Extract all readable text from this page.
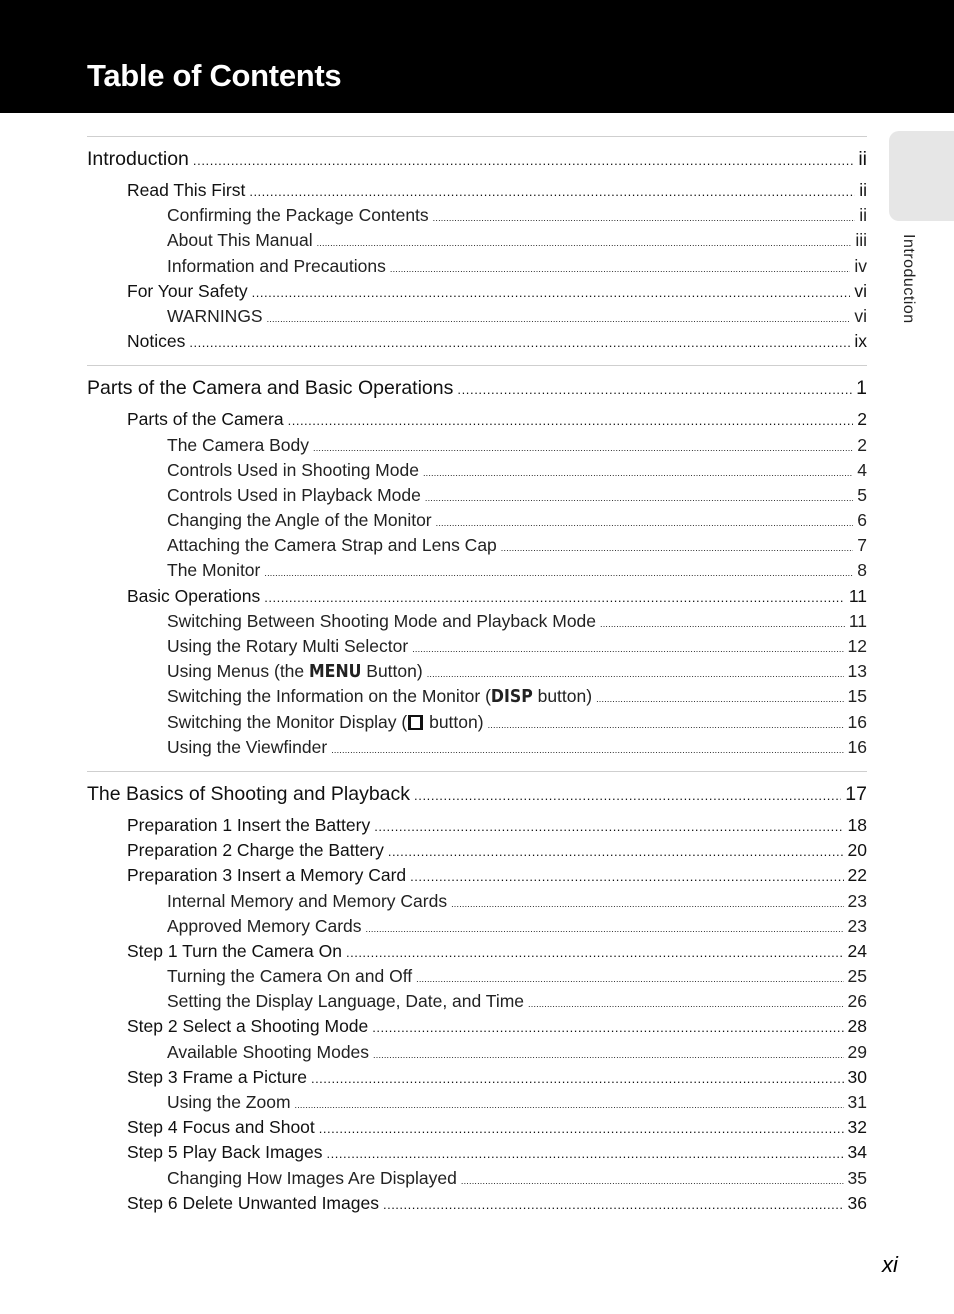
Table of Contents
Introduction
Introduction .....	ii
Read This First .....	ii
Confirming the Package Contents .....	ii
About This Manual .....	iii
Information and Precautions .....	iv
For Your Safety .....	vi
WARNINGS .....	vi
Notices .....	ix
Parts of the Camera and Basic Operations .....	1
Parts of the Camera .....	2
The Camera Body .....	2
Controls Used in Shooting Mode .....	4
Controls Used in Playback Mode .....	5
Changing the Angle of the Monitor .....	6
Attaching the Camera Strap and Lens Cap .....	7
The Monitor .....	8
Basic Operations .....	11
Switching Between Shooting Mode and Playback Mode .....	11
Using the Rotary Multi Selector .....	12
Using Menus (the MENU Button) .....	13
Switching the Information on the Monitor (DISP button) .....	15
Switching the Monitor Display ( button) .....	16
Using the Viewfinder .....	16
The Basics of Shooting and Playback .....	17
Preparation 1 Insert the Battery .....	18
Preparation 2 Charge the Battery .....	20
Preparation 3 Insert a Memory Card .....	22
Internal Memory and Memory Cards .....	23
Approved Memory Cards .....	23
Step 1 Turn the Camera On .....	24
Turning the Camera On and Off .....	25
Setting the Display Language, Date, and Time .....	26
Step 2 Select a Shooting Mode .....	28
Available Shooting Modes .....	29
Step 3 Frame a Picture .....	30
Using the Zoom .....	31
Step 4 Focus and Shoot .....	32
Step 5 Play Back Images .....	34
Changing How Images Are Displayed .....	35
Step 6 Delete Unwanted Images .....	36
xi
